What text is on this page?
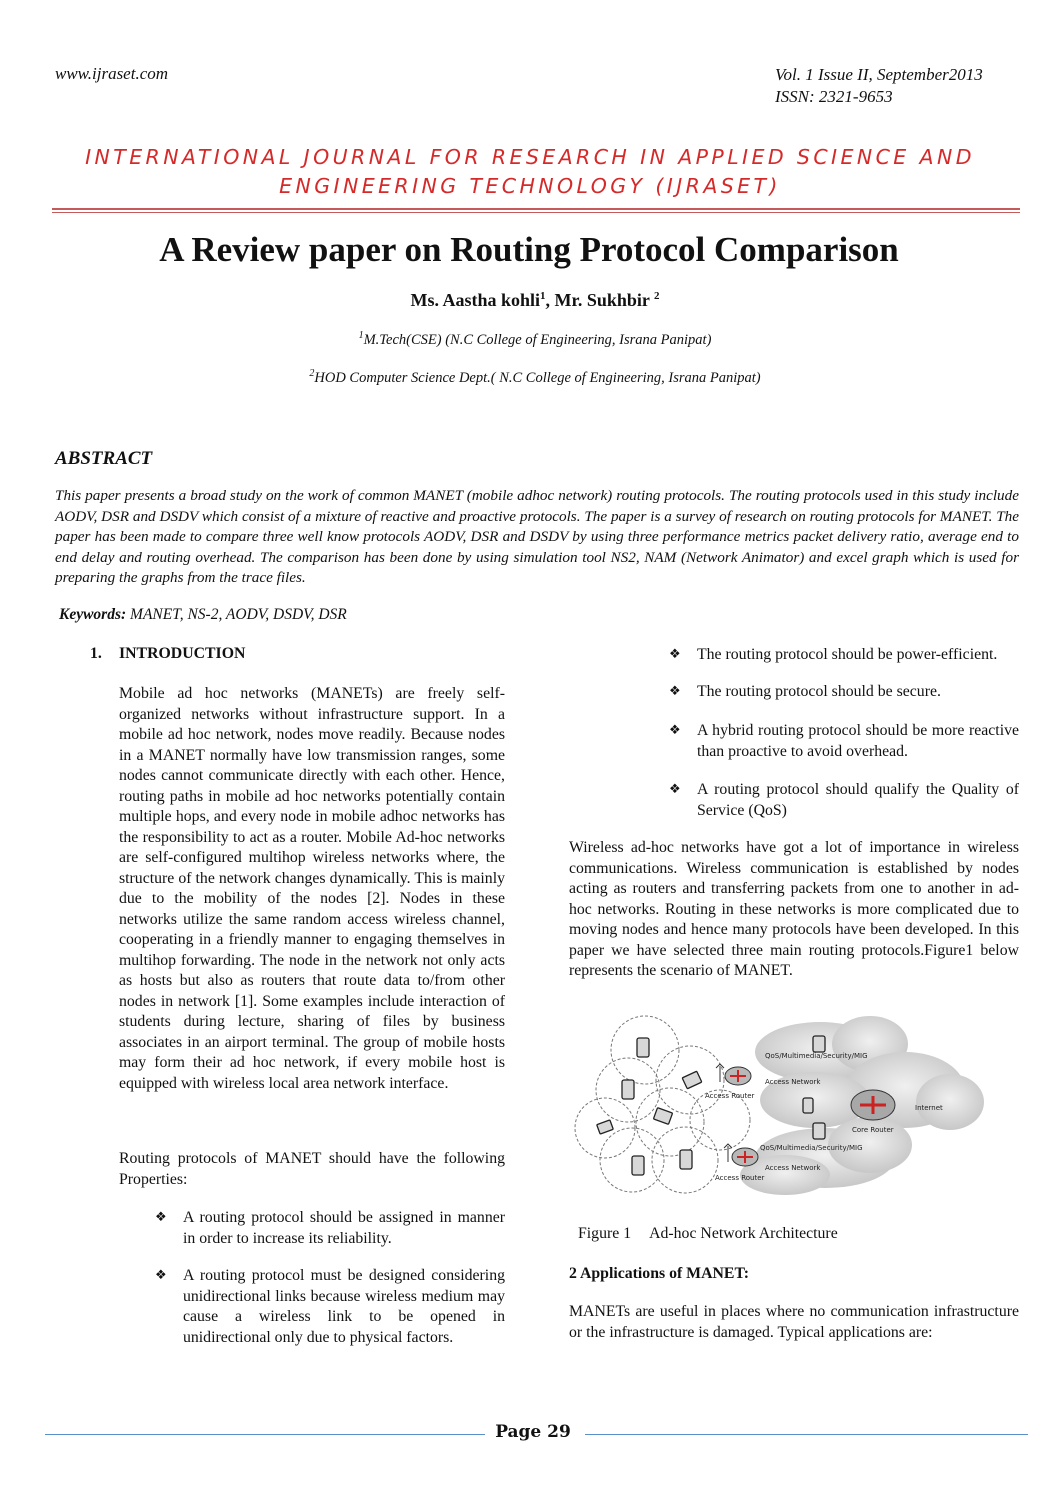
www.ijraset.com	Vol. 1 Issue II, September2013
ISSN: 2321-9653
INTERNATIONAL JOURNAL FOR RESEARCH IN APPLIED SCIENCE AND
ENGINEERING TECHNOLOGY (IJRASET)
A Review paper on Routing Protocol Comparison
Ms. Aastha kohli$^1$, Mr. Sukhbir $^2$
$^1$M.Tech(CSE) (N.C College of Engineering, Israna Panipat)
$^2$HOD Computer Science Dept.( N.C College of Engineering, Israna Panipat)
ABSTRACT
This paper presents a broad study on the work of common MANET (mobile adhoc network) routing protocols. The routing protocols used in this study include AODV, DSR and DSDV which consist of a mixture of reactive and proactive protocols. The paper is a survey of research on routing protocols for MANET. The paper has been made to compare three well know protocols AODV, DSR and DSDV by using three performance metrics packet delivery ratio, average end to end delay and routing overhead. The comparison has been done by using simulation tool NS2, NAM (Network Animator) and excel graph which is used for preparing the graphs from the trace files.
Keywords: MANET, NS-2, AODV, DSDV, DSR
1. INTRODUCTION
Mobile ad hoc networks (MANETs) are freely self-organized networks without infrastructure support. In a mobile ad hoc network, nodes move readily. Because nodes in a MANET normally have low transmission ranges, some nodes cannot communicate directly with each other. Hence, routing paths in mobile ad hoc networks potentially contain multiple hops, and every node in mobile adhoc networks has the responsibility to act as a router. Mobile Ad-hoc networks are self-configured multihop wireless networks where, the structure of the network changes dynamically. This is mainly due to the mobility of the nodes [2]. Nodes in these networks utilize the same random access wireless channel, cooperating in a friendly manner to engaging themselves in multihop forwarding. The node in the network not only acts as hosts but also as routers that route data to/from other nodes in network [1]. Some examples include interaction of students during lecture, sharing of files by business associates in an airport terminal. The group of mobile hosts may form their ad hoc network, if every mobile host is equipped with wireless local area network interface.
Routing protocols of MANET should have the following Properties:
❖	A routing protocol should be assigned in manner in order to increase its reliability.
❖	A routing protocol must be designed considering unidirectional links because wireless medium may cause a wireless link to be opened in unidirectional only due to physical factors.
❖	The routing protocol should be power-efficient.
❖	The routing protocol should be secure.
❖	A hybrid routing protocol should be more reactive than proactive to avoid overhead.
❖	A routing protocol should qualify the Quality of Service (QoS)
Wireless ad-hoc networks have got a lot of importance in wireless communications. Wireless communication is established by nodes acting as routers and transferring packets from one to another in ad-hoc networks. Routing in these networks is more complicated due to moving nodes and hence many protocols have been developed. In this paper we have selected three main routing protocols.Figure1 below represents the scenario of MANET.
QoS/Multimedia/Security/MIG
Access Network
Access Router
Internet
Core Router
QoS/Multimedia/Security/MIG
Access Network
Access Router
Figure 1 Ad-hoc Network Architecture
2 Applications of MANET:
MANETs are useful in places where no communication infrastructure or the infrastructure is damaged. Typical applications are:
Page 29
